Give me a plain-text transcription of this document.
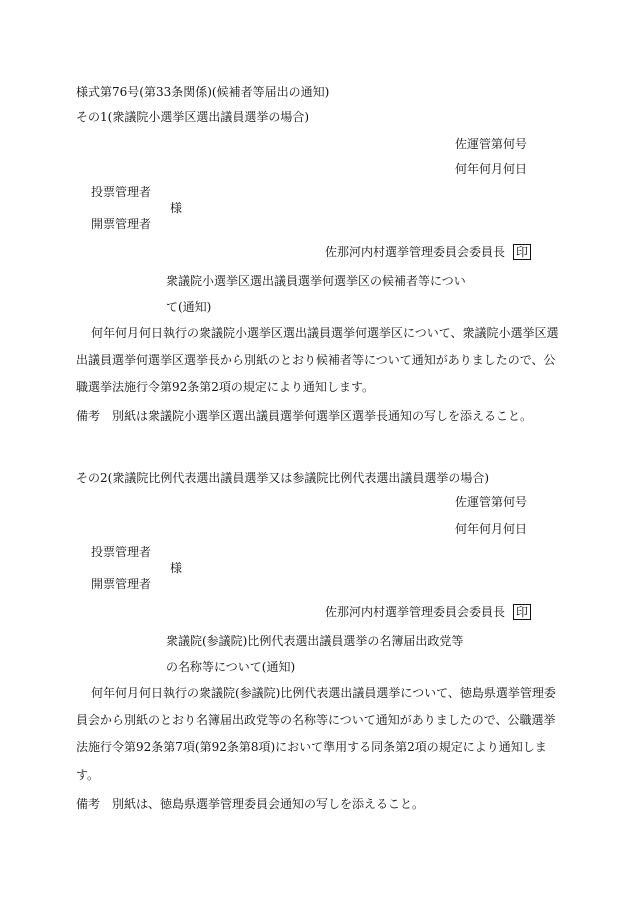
様式第76号(第33条関係)(候補者等届出の通知)

その1(衆議院小選挙区選出議員選挙の場合)

佐運管第何号

何年何月何日

投票管理者

様

開票管理者

佐那河内村選挙管理委員会委員長 印

衆議院小選挙区選出議員選挙何選挙区の候補者等につい

て(通知)

何年何月何日執行の衆議院小選挙区選出議員選挙何選挙区について、衆議院小選挙区選

出議員選挙何選挙区選挙長から別紙のとおり候補者等について通知がありましたので、公

職選挙法施行令第92条第2項の規定により通知します。

備考　別紙は衆議院小選挙区選出議員選挙何選挙区選挙長通知の写しを添えること。

その2(衆議院比例代表選出議員選挙又は参議院比例代表選出議員選挙の場合)

佐運管第何号

何年何月何日

投票管理者

様

開票管理者

佐那河内村選挙管理委員会委員長 印

衆議院(参議院)比例代表選出議員選挙の名簿届出政党等

の名称等について(通知)

何年何月何日執行の衆議院(参議院)比例代表選出議員選挙について、徳島県選挙管理委

員会から別紙のとおり名簿届出政党等の名称等について通知がありましたので、公職選挙

法施行令第92条第7項(第92条第8項)において準用する同条第2項の規定により通知しま

す。

備考　別紙は、徳島県選挙管理委員会通知の写しを添えること。
